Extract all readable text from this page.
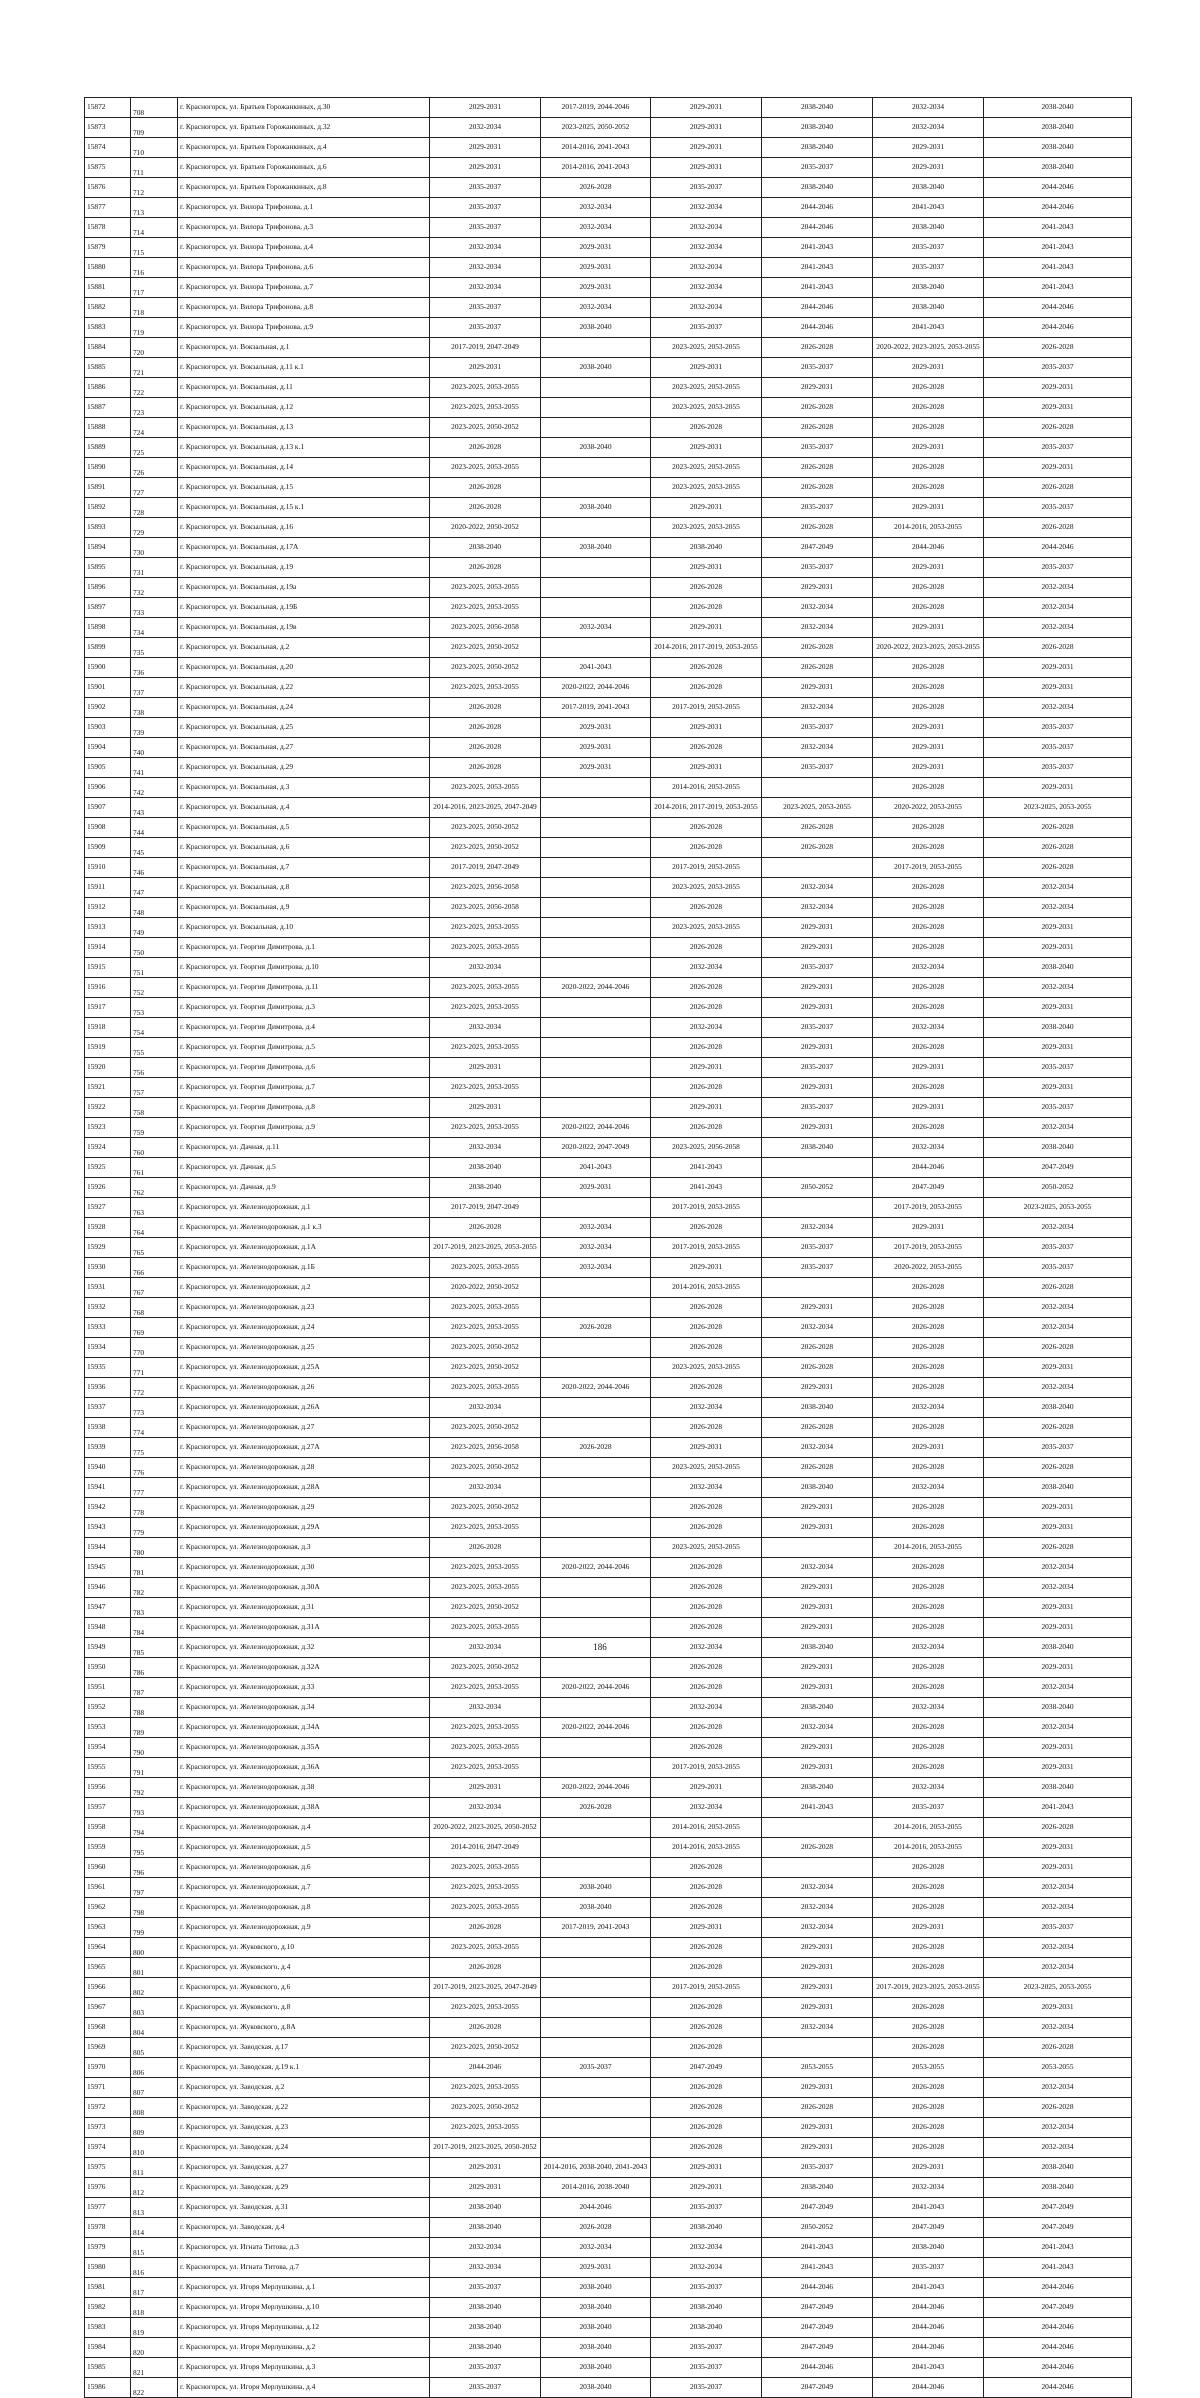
15872	708	г. Красногорск, ул. Братьев Горожанкиных, д.30	2029-2031	2017-2019, 2044-2046	2029-2031	2038-2040	2032-2034	2038-2040
15873	709	г. Красногорск, ул. Братьев Горожанкиных, д.32	2032-2034	2023-2025, 2050-2052	2029-2031	2038-2040	2032-2034	2038-2040
15874	710	г. Красногорск, ул. Братьев Горожанкиных, д.4	2029-2031	2014-2016, 2041-2043	2029-2031	2038-2040	2029-2031	2038-2040
15875	711	г. Красногорск, ул. Братьев Горожанкиных, д.6	2029-2031	2014-2016, 2041-2043	2029-2031	2035-2037	2029-2031	2038-2040
15876	712	г. Красногорск, ул. Братьев Горожанкиных, д.8	2035-2037	2026-2028	2035-2037	2038-2040	2038-2040	2044-2046
15877	713	г. Красногорск, ул. Вилора Трифонова, д.1	2035-2037	2032-2034	2032-2034	2044-2046	2041-2043	2044-2046
15878	714	г. Красногорск, ул. Вилора Трифонова, д.3	2035-2037	2032-2034	2032-2034	2044-2046	2038-2040	2041-2043
15879	715	г. Красногорск, ул. Вилора Трифонова, д.4	2032-2034	2029-2031	2032-2034	2041-2043	2035-2037	2041-2043
15880	716	г. Красногорск, ул. Вилора Трифонова, д.6	2032-2034	2029-2031	2032-2034	2041-2043	2035-2037	2041-2043
15881	717	г. Красногорск, ул. Вилора Трифонова, д.7	2032-2034	2029-2031	2032-2034	2041-2043	2038-2040	2041-2043
15882	718	г. Красногорск, ул. Вилора Трифонова, д.8	2035-2037	2032-2034	2032-2034	2044-2046	2038-2040	2044-2046
15883	719	г. Красногорск, ул. Вилора Трифонова, д.9	2035-2037	2038-2040	2035-2037	2044-2046	2041-2043	2044-2046
15884	720	г. Красногорск, ул. Вокзальная, д.1	2017-2019, 2047-2049		2023-2025, 2053-2055	2026-2028	2020-2022, 2023-2025, 2053-2055	2026-2028
15885	721	г. Красногорск, ул. Вокзальная, д.11 к.1	2029-2031	2038-2040	2029-2031	2035-2037	2029-2031	2035-2037
15886	722	г. Красногорск, ул. Вокзальная, д.11	2023-2025, 2053-2055		2023-2025, 2053-2055	2029-2031	2026-2028	2029-2031
15887	723	г. Красногорск, ул. Вокзальная, д.12	2023-2025, 2053-2055		2023-2025, 2053-2055	2026-2028	2026-2028	2029-2031
15888	724	г. Красногорск, ул. Вокзальная, д.13	2023-2025, 2050-2052		2026-2028	2026-2028	2026-2028	2026-2028
15889	725	г. Красногорск, ул. Вокзальная, д.13 к.1	2026-2028	2038-2040	2029-2031	2035-2037	2029-2031	2035-2037
15890	726	г. Красногорск, ул. Вокзальная, д.14	2023-2025, 2053-2055		2023-2025, 2053-2055	2026-2028	2026-2028	2029-2031
15891	727	г. Красногорск, ул. Вокзальная, д.15	2026-2028		2023-2025, 2053-2055	2026-2028	2026-2028	2026-2028
15892	728	г. Красногорск, ул. Вокзальная, д.15 к.1	2026-2028	2038-2040	2029-2031	2035-2037	2029-2031	2035-2037
15893	729	г. Красногорск, ул. Вокзальная, д.16	2020-2022, 2050-2052		2023-2025, 2053-2055	2026-2028	2014-2016, 2053-2055	2026-2028
15894	730	г. Красногорск, ул. Вокзальная, д.17А	2038-2040	2038-2040	2038-2040	2047-2049	2044-2046	2044-2046
15895	731	г. Красногорск, ул. Вокзальная, д.19	2026-2028		2029-2031	2035-2037	2029-2031	2035-2037
15896	732	г. Красногорск, ул. Вокзальная, д.19а	2023-2025, 2053-2055		2026-2028	2029-2031	2026-2028	2032-2034
15897	733	г. Красногорск, ул. Вокзальная, д.19Б	2023-2025, 2053-2055		2026-2028	2032-2034	2026-2028	2032-2034
15898	734	г. Красногорск, ул. Вокзальная, д.19в	2023-2025, 2056-2058	2032-2034	2029-2031	2032-2034	2029-2031	2032-2034
15899	735	г. Красногорск, ул. Вокзальная, д.2	2023-2025, 2050-2052		2014-2016, 2017-2019, 2053-2055	2026-2028	2020-2022, 2023-2025, 2053-2055	2026-2028
15900	736	г. Красногорск, ул. Вокзальная, д.20	2023-2025, 2050-2052	2041-2043	2026-2028	2026-2028	2026-2028	2029-2031
15901	737	г. Красногорск, ул. Вокзальная, д.22	2023-2025, 2053-2055	2020-2022, 2044-2046	2026-2028	2029-2031	2026-2028	2029-2031
15902	738	г. Красногорск, ул. Вокзальная, д.24	2026-2028	2017-2019, 2041-2043	2017-2019, 2053-2055	2032-2034	2026-2028	2032-2034
15903	739	г. Красногорск, ул. Вокзальная, д.25	2026-2028	2029-2031	2029-2031	2035-2037	2029-2031	2035-2037
15904	740	г. Красногорск, ул. Вокзальная, д.27	2026-2028	2029-2031	2026-2028	2032-2034	2029-2031	2035-2037
15905	741	г. Красногорск, ул. Вокзальная, д.29	2026-2028	2029-2031	2029-2031	2035-2037	2029-2031	2035-2037
15906	742	г. Красногорск, ул. Вокзальная, д.3	2023-2025, 2053-2055		2014-2016, 2053-2055		2026-2028	2029-2031
15907	743	г. Красногорск, ул. Вокзальная, д.4	2014-2016, 2023-2025, 2047-2049		2014-2016, 2017-2019, 2053-2055	2023-2025, 2053-2055	2020-2022, 2053-2055	2023-2025, 2053-2055
15908	744	г. Красногорск, ул. Вокзальная, д.5	2023-2025, 2050-2052		2026-2028	2026-2028	2026-2028	2026-2028
15909	745	г. Красногорск, ул. Вокзальная, д.6	2023-2025, 2050-2052		2026-2028	2026-2028	2026-2028	2026-2028
15910	746	г. Красногорск, ул. Вокзальная, д.7	2017-2019, 2047-2049		2017-2019, 2053-2055		2017-2019, 2053-2055	2026-2028
15911	747	г. Красногорск, ул. Вокзальная, д.8	2023-2025, 2056-2058		2023-2025, 2053-2055	2032-2034	2026-2028	2032-2034
15912	748	г. Красногорск, ул. Вокзальная, д.9	2023-2025, 2056-2058		2026-2028	2032-2034	2026-2028	2032-2034
15913	749	г. Красногорск, ул. Вокзальная, д.10	2023-2025, 2053-2055		2023-2025, 2053-2055	2029-2031	2026-2028	2029-2031
15914	750	г. Красногорск, ул. Георгия Димитрова, д.1	2023-2025, 2053-2055		2026-2028	2029-2031	2026-2028	2029-2031
15915	751	г. Красногорск, ул. Георгия Димитрова, д.10	2032-2034		2032-2034	2035-2037	2032-2034	2038-2040
15916	752	г. Красногорск, ул. Георгия Димитрова, д.11	2023-2025, 2053-2055	2020-2022, 2044-2046	2026-2028	2029-2031	2026-2028	2032-2034
15917	753	г. Красногорск, ул. Георгия Димитрова, д.3	2023-2025, 2053-2055		2026-2028	2029-2031	2026-2028	2029-2031
15918	754	г. Красногорск, ул. Георгия Димитрова, д.4	2032-2034		2032-2034	2035-2037	2032-2034	2038-2040
15919	755	г. Красногорск, ул. Георгия Димитрова, д.5	2023-2025, 2053-2055		2026-2028	2029-2031	2026-2028	2029-2031
15920	756	г. Красногорск, ул. Георгия Димитрова, д.6	2029-2031		2029-2031	2035-2037	2029-2031	2035-2037
15921	757	г. Красногорск, ул. Георгия Димитрова, д.7	2023-2025, 2053-2055		2026-2028	2029-2031	2026-2028	2029-2031
15922	758	г. Красногорск, ул. Георгия Димитрова, д.8	2029-2031		2029-2031	2035-2037	2029-2031	2035-2037
15923	759	г. Красногорск, ул. Георгия Димитрова, д.9	2023-2025, 2053-2055	2020-2022, 2044-2046	2026-2028	2029-2031	2026-2028	2032-2034
15924	760	г. Красногорск, ул. Дачная, д.11	2032-2034	2020-2022, 2047-2049	2023-2025, 2056-2058	2038-2040	2032-2034	2038-2040
15925	761	г. Красногорск, ул. Дачная, д.5	2038-2040	2041-2043	2041-2043		2044-2046	2047-2049
15926	762	г. Красногорск, ул. Дачная, д.9	2038-2040	2029-2031	2041-2043	2050-2052	2047-2049	2050-2052
15927	763	г. Красногорск, ул. Железнодорожная, д.1	2017-2019, 2047-2049		2017-2019, 2053-2055		2017-2019, 2053-2055	2023-2025, 2053-2055
15928	764	г. Красногорск, ул. Железнодорожная, д.1 к.3	2026-2028	2032-2034	2026-2028	2032-2034	2029-2031	2032-2034
15929	765	г. Красногорск, ул. Железнодорожная, д.1А	2017-2019, 2023-2025, 2053-2055	2032-2034	2017-2019, 2053-2055	2035-2037	2017-2019, 2053-2055	2035-2037
15930	766	г. Красногорск, ул. Железнодорожная, д.1Б	2023-2025, 2053-2055	2032-2034	2029-2031	2035-2037	2020-2022, 2053-2055	2035-2037
15931	767	г. Красногорск, ул. Железнодорожная, д.2	2020-2022, 2050-2052		2014-2016, 2053-2055		2026-2028	2026-2028
15932	768	г. Красногорск, ул. Железнодорожная, д.23	2023-2025, 2053-2055		2026-2028	2029-2031	2026-2028	2032-2034
15933	769	г. Красногорск, ул. Железнодорожная, д.24	2023-2025, 2053-2055	2026-2028	2026-2028	2032-2034	2026-2028	2032-2034
15934	770	г. Красногорск, ул. Железнодорожная, д.25	2023-2025, 2050-2052		2026-2028	2026-2028	2026-2028	2026-2028
15935	771	г. Красногорск, ул. Железнодорожная, д.25А	2023-2025, 2050-2052		2023-2025, 2053-2055	2026-2028	2026-2028	2029-2031
15936	772	г. Красногорск, ул. Железнодорожная, д.26	2023-2025, 2053-2055	2020-2022, 2044-2046	2026-2028	2029-2031	2026-2028	2032-2034
15937	773	г. Красногорск, ул. Железнодорожная, д.26А	2032-2034		2032-2034	2038-2040	2032-2034	2038-2040
15938	774	г. Красногорск, ул. Железнодорожная, д.27	2023-2025, 2050-2052		2026-2028	2026-2028	2026-2028	2026-2028
15939	775	г. Красногорск, ул. Железнодорожная, д.27А	2023-2025, 2056-2058	2026-2028	2029-2031	2032-2034	2029-2031	2035-2037
15940	776	г. Красногорск, ул. Железнодорожная, д.28	2023-2025, 2050-2052		2023-2025, 2053-2055	2026-2028	2026-2028	2026-2028
15941	777	г. Красногорск, ул. Железнодорожная, д.28А	2032-2034		2032-2034	2038-2040	2032-2034	2038-2040
15942	778	г. Красногорск, ул. Железнодорожная, д.29	2023-2025, 2050-2052		2026-2028	2029-2031	2026-2028	2029-2031
15943	779	г. Красногорск, ул. Железнодорожная, д.29А	2023-2025, 2053-2055		2026-2028	2029-2031	2026-2028	2029-2031
15944	780	г. Красногорск, ул. Железнодорожная, д.3	2026-2028		2023-2025, 2053-2055		2014-2016, 2053-2055	2026-2028
15945	781	г. Красногорск, ул. Железнодорожная, д.30	2023-2025, 2053-2055	2020-2022, 2044-2046	2026-2028	2032-2034	2026-2028	2032-2034
15946	782	г. Красногорск, ул. Железнодорожная, д.30А	2023-2025, 2053-2055		2026-2028	2029-2031	2026-2028	2032-2034
15947	783	г. Красногорск, ул. Железнодорожная, д.31	2023-2025, 2050-2052		2026-2028	2029-2031	2026-2028	2029-2031
15948	784	г. Красногорск, ул. Железнодорожная, д.31А	2023-2025, 2053-2055		2026-2028	2029-2031	2026-2028	2029-2031
15949	785	г. Красногорск, ул. Железнодорожная, д.32	2032-2034		2032-2034	2038-2040	2032-2034	2038-2040
15950	786	г. Красногорск, ул. Железнодорожная, д.32А	2023-2025, 2050-2052		2026-2028	2029-2031	2026-2028	2029-2031
15951	787	г. Красногорск, ул. Железнодорожная, д.33	2023-2025, 2053-2055	2020-2022, 2044-2046	2026-2028	2029-2031	2026-2028	2032-2034
15952	788	г. Красногорск, ул. Железнодорожная, д.34	2032-2034		2032-2034	2038-2040	2032-2034	2038-2040
15953	789	г. Красногорск, ул. Железнодорожная, д.34А	2023-2025, 2053-2055	2020-2022, 2044-2046	2026-2028	2032-2034	2026-2028	2032-2034
15954	790	г. Красногорск, ул. Железнодорожная, д.35А	2023-2025, 2053-2055		2026-2028	2029-2031	2026-2028	2029-2031
15955	791	г. Красногорск, ул. Железнодорожная, д.36А	2023-2025, 2053-2055		2017-2019, 2053-2055	2029-2031	2026-2028	2029-2031
15956	792	г. Красногорск, ул. Железнодорожная, д.38	2029-2031	2020-2022, 2044-2046	2029-2031	2038-2040	2032-2034	2038-2040
15957	793	г. Красногорск, ул. Железнодорожная, д.38А	2032-2034	2026-2028	2032-2034	2041-2043	2035-2037	2041-2043
15958	794	г. Красногорск, ул. Железнодорожная, д.4	2020-2022, 2023-2025, 2050-2052		2014-2016, 2053-2055		2014-2016, 2053-2055	2026-2028
15959	795	г. Красногорск, ул. Железнодорожная, д.5	2014-2016, 2047-2049		2014-2016, 2053-2055	2026-2028	2014-2016, 2053-2055	2029-2031
15960	796	г. Красногорск, ул. Железнодорожная, д.6	2023-2025, 2053-2055		2026-2028		2026-2028	2029-2031
15961	797	г. Красногорск, ул. Железнодорожная, д.7	2023-2025, 2053-2055	2038-2040	2026-2028	2032-2034	2026-2028	2032-2034
15962	798	г. Красногорск, ул. Железнодорожная, д.8	2023-2025, 2053-2055	2038-2040	2026-2028	2032-2034	2026-2028	2032-2034
15963	799	г. Красногорск, ул. Железнодорожная, д.9	2026-2028	2017-2019, 2041-2043	2029-2031	2032-2034	2029-2031	2035-2037
15964	800	г. Красногорск, ул. Жуковского, д.10	2023-2025, 2053-2055		2026-2028	2029-2031	2026-2028	2032-2034
15965	801	г. Красногорск, ул. Жуковского, д.4	2026-2028		2026-2028	2029-2031	2026-2028	2032-2034
15966	802	г. Красногорск, ул. Жуковского, д.6	2017-2019, 2023-2025, 2047-2049		2017-2019, 2053-2055	2029-2031	2017-2019, 2023-2025, 2053-2055	2023-2025, 2053-2055
15967	803	г. Красногорск, ул. Жуковского, д.8	2023-2025, 2053-2055		2026-2028	2029-2031	2026-2028	2029-2031
15968	804	г. Красногорск, ул. Жуковского, д.8А	2026-2028		2026-2028	2032-2034	2026-2028	2032-2034
15969	805	г. Красногорск, ул. Заводская, д.17	2023-2025, 2050-2052		2026-2028		2026-2028	2026-2028
15970	806	г. Красногорск, ул. Заводская, д.19 к.1	2044-2046	2035-2037	2047-2049	2053-2055	2053-2055	2053-2055
15971	807	г. Красногорск, ул. Заводская, д.2	2023-2025, 2053-2055		2026-2028	2029-2031	2026-2028	2032-2034
15972	808	г. Красногорск, ул. Заводская, д.22	2023-2025, 2050-2052		2026-2028	2026-2028	2026-2028	2026-2028
15973	809	г. Красногорск, ул. Заводская, д.23	2023-2025, 2053-2055		2026-2028	2029-2031	2026-2028	2032-2034
15974	810	г. Красногорск, ул. Заводская, д.24	2017-2019, 2023-2025, 2050-2052		2026-2028	2029-2031	2026-2028	2032-2034
15975	811	г. Красногорск, ул. Заводская, д.27	2029-2031	2014-2016, 2038-2040, 2041-2043	2029-2031	2035-2037	2029-2031	2038-2040
15976	812	г. Красногорск, ул. Заводская, д.29	2029-2031	2014-2016, 2038-2040	2029-2031	2038-2040	2032-2034	2038-2040
15977	813	г. Красногорск, ул. Заводская, д.31	2038-2040	2044-2046	2035-2037	2047-2049	2041-2043	2047-2049
15978	814	г. Красногорск, ул. Заводская, д.4	2038-2040	2026-2028	2038-2040	2050-2052	2047-2049	2047-2049
15979	815	г. Красногорск, ул. Игната Титова, д.3	2032-2034	2032-2034	2032-2034	2041-2043	2038-2040	2041-2043
15980	816	г. Красногорск, ул. Игната Титова, д.7	2032-2034	2029-2031	2032-2034	2041-2043	2035-2037	2041-2043
15981	817	г. Красногорск, ул. Игоря Мерлушкина, д.1	2035-2037	2038-2040	2035-2037	2044-2046	2041-2043	2044-2046
15982	818	г. Красногорск, ул. Игоря Мерлушкина, д.10	2038-2040	2038-2040	2038-2040	2047-2049	2044-2046	2047-2049
15983	819	г. Красногорск, ул. Игоря Мерлушкина, д.12	2038-2040	2038-2040	2038-2040	2047-2049	2044-2046	2044-2046
15984	820	г. Красногорск, ул. Игоря Мерлушкина, д.2	2038-2040	2038-2040	2035-2037	2047-2049	2044-2046	2044-2046
15985	821	г. Красногорск, ул. Игоря Мерлушкина, д.3	2035-2037	2038-2040	2035-2037	2044-2046	2041-2043	2044-2046
15986	822	г. Красногорск, ул. Игоря Мерлушкина, д.4	2035-2037	2038-2040	2035-2037	2047-2049	2044-2046	2044-2046
186
